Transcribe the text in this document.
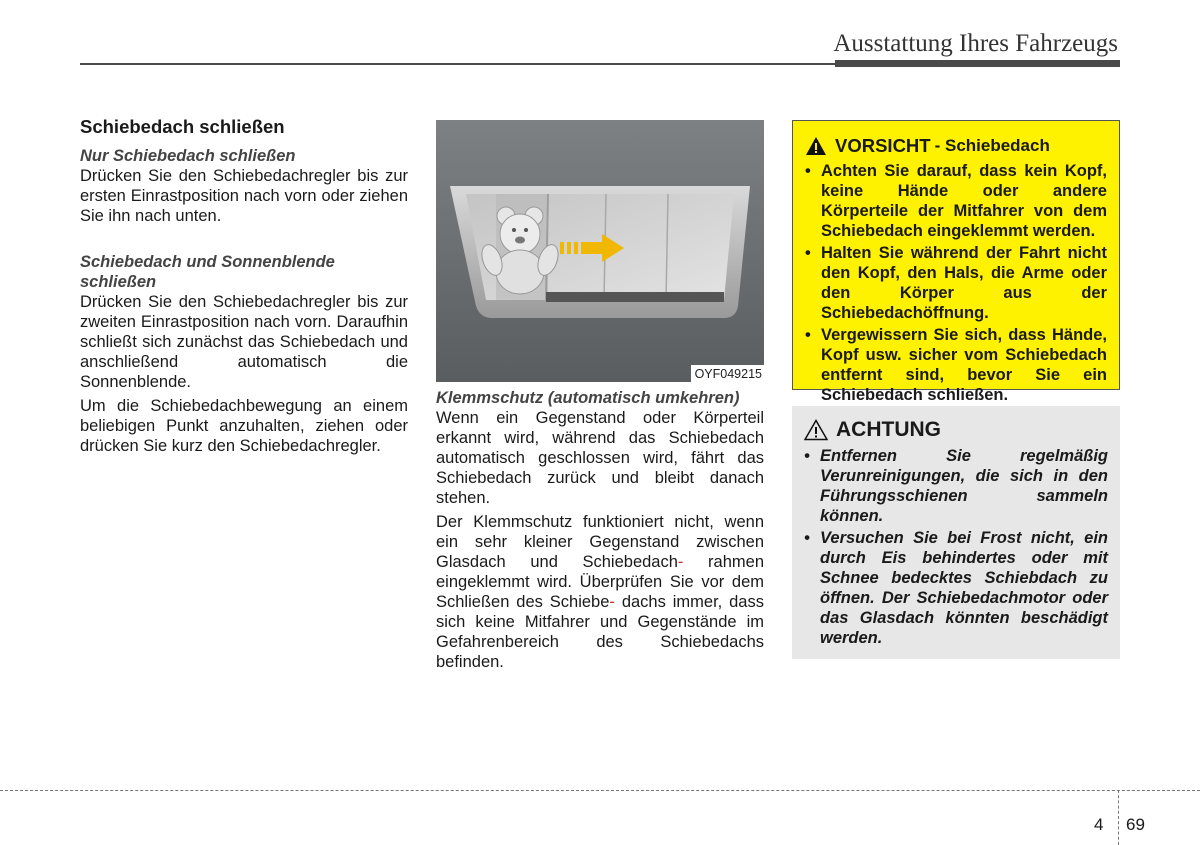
Ausstattung Ihres Fahrzeugs
Schiebedach schließen
Nur Schiebedach schließen

Drücken Sie den Schiebedachregler bis zur ersten Einrastposition nach vorn oder ziehen Sie ihn nach unten.

Schiebedach und Sonnenblende schließen

Drücken Sie den Schiebedachregler bis zur zweiten Einrastposition nach vorn. Daraufhin schließt sich zunächst das Schiebedach und anschließend automatisch die Sonnenblende.

Um die Schiebedachbewegung an einem beliebigen Punkt anzuhalten, ziehen oder drücken Sie kurz den Schiebedachregler.

OYF049215
Klemmschutz (automatisch umkehren)

Wenn ein Gegenstand oder Körperteil erkannt wird, während das Schiebedach automatisch geschlossen wird, fährt das Schiebedach zurück und bleibt danach stehen.

Der Klemmschutz funktioniert nicht, wenn ein sehr kleiner Gegenstand zwischen Glasdach und Schiebedach- rahmen eingeklemmt wird. Überprüfen Sie vor dem Schließen des Schiebe- dachs immer, dass sich keine Mitfahrer und Gegenstände im Gefahrenbereich des Schiebedachs befinden.

VORSICHT - Schiebedach
• Achten Sie darauf, dass kein Kopf, keine Hände oder andere Körperteile der Mitfahrer von dem Schiebedach eingeklemmt werden.
• Halten Sie während der Fahrt nicht den Kopf, den Hals, die Arme oder den Körper aus der Schiebedachöffnung.
• Vergewissern Sie sich, dass Hände, Kopf usw. sicher vom Schiebedach entfernt sind, bevor Sie ein Schiebedach schließen.
ACHTUNG
• Entfernen Sie regelmäßig Verunreinigungen, die sich in den Führungsschienen sammeln können.
• Versuchen Sie bei Frost nicht, ein durch Eis behindertes oder mit Schnee bedecktes Schiebdach zu öffnen. Der Schiebedachmotor oder das Glasdach könnten beschädigt werden.
4 69
